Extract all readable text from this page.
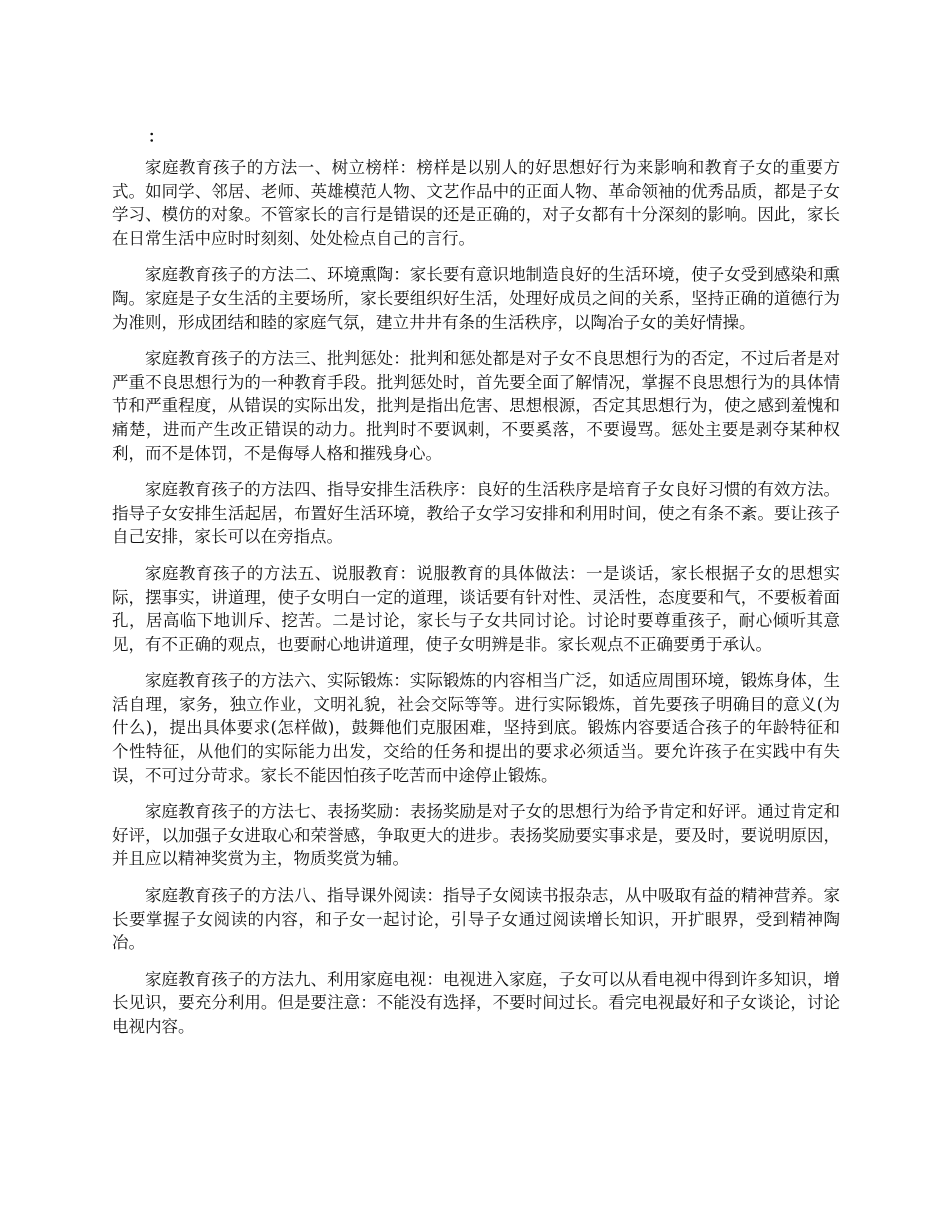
：

家庭教育孩子的方法一、树立榜样：榜样是以别人的好思想好行为来影响和教育子女的重要方式。如同学、邻居、老师、英雄模范人物、文艺作品中的正面人物、革命领袖的优秀品质，都是子女学习、模仿的对象。不管家长的言行是错误的还是正确的，对子女都有十分深刻的影响。因此，家长在日常生活中应时时刻刻、处处检点自己的言行。

家庭教育孩子的方法二、环境熏陶：家长要有意识地制造良好的生活环境，使子女受到感染和熏陶。家庭是子女生活的主要场所，家长要组织好生活，处理好成员之间的关系，坚持正确的道德行为为准则，形成团结和睦的家庭气氛，建立井井有条的生活秩序，以陶冶子女的美好情操。

家庭教育孩子的方法三、批判惩处：批判和惩处都是对子女不良思想行为的否定，不过后者是对严重不良思想行为的一种教育手段。批判惩处时，首先要全面了解情况，掌握不良思想行为的具体情节和严重程度，从错误的实际出发，批判是指出危害、思想根源，否定其思想行为，使之感到羞愧和痛楚，进而产生改正错误的动力。批判时不要讽刺，不要奚落，不要谩骂。惩处主要是剥夺某种权利，而不是体罚，不是侮辱人格和摧残身心。

家庭教育孩子的方法四、指导安排生活秩序：良好的生活秩序是培育子女良好习惯的有效方法。指导子女安排生活起居，布置好生活环境，教给子女学习安排和利用时间，使之有条不紊。要让孩子自己安排，家长可以在旁指点。

家庭教育孩子的方法五、说服教育：说服教育的具体做法：一是谈话，家长根据子女的思想实际，摆事实，讲道理，使子女明白一定的道理，谈话要有针对性、灵活性，态度要和气，不要板着面孔，居高临下地训斥、挖苦。二是讨论，家长与子女共同讨论。讨论时要尊重孩子，耐心倾听其意见，有不正确的观点，也要耐心地讲道理，使子女明辨是非。家长观点不正确要勇于承认。

家庭教育孩子的方法六、实际锻炼：实际锻炼的内容相当广泛，如适应周围环境，锻炼身体，生活自理，家务，独立作业，文明礼貌，社会交际等等。进行实际锻炼，首先要孩子明确目的意义(为什么)，提出具体要求(怎样做)，鼓舞他们克服困难，坚持到底。锻炼内容要适合孩子的年龄特征和个性特征，从他们的实际能力出发，交给的任务和提出的要求必须适当。要允许孩子在实践中有失误，不可过分苛求。家长不能因怕孩子吃苦而中途停止锻炼。

家庭教育孩子的方法七、表扬奖励：表扬奖励是对子女的思想行为给予肯定和好评。通过肯定和好评，以加强子女进取心和荣誉感，争取更大的进步。表扬奖励要实事求是，要及时，要说明原因，并且应以精神奖赏为主，物质奖赏为辅。

家庭教育孩子的方法八、指导课外阅读：指导子女阅读书报杂志，从中吸取有益的精神营养。家长要掌握子女阅读的内容，和子女一起讨论，引导子女通过阅读增长知识，开扩眼界，受到精神陶冶。

家庭教育孩子的方法九、利用家庭电视：电视进入家庭，子女可以从看电视中得到许多知识，增长见识，要充分利用。但是要注意：不能没有选择，不要时间过长。看完电视最好和子女谈论，讨论电视内容。
